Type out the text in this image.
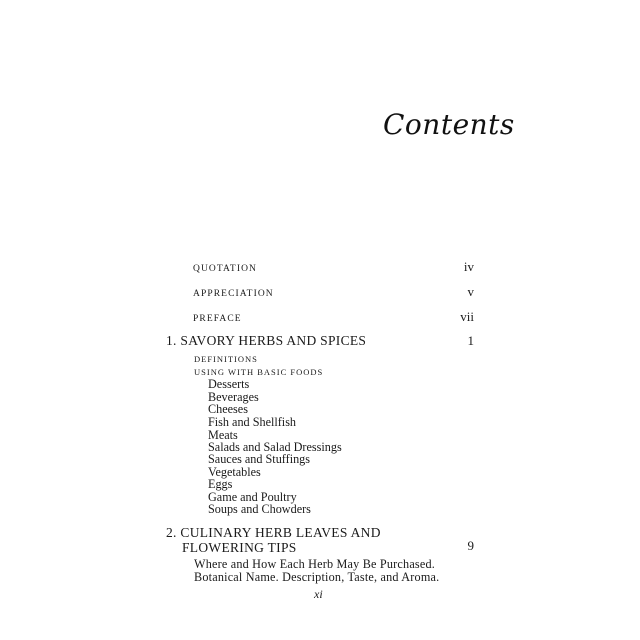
Contents
QUOTATION	iv
APPRECIATION	v
PREFACE	vii
1. SAVORY HERBS AND SPICES	1
DEFINITIONS
USING WITH BASIC FOODS
Desserts
Beverages
Cheeses
Fish and Shellfish
Meats
Salads and Salad Dressings
Sauces and Stuffings
Vegetables
Eggs
Game and Poultry
Soups and Chowders
2. CULINARY HERB LEAVES AND
FLOWERING TIPS	9
Where and How Each Herb May Be Purchased.
Botanical Name. Description, Taste, and Aroma.
xi
